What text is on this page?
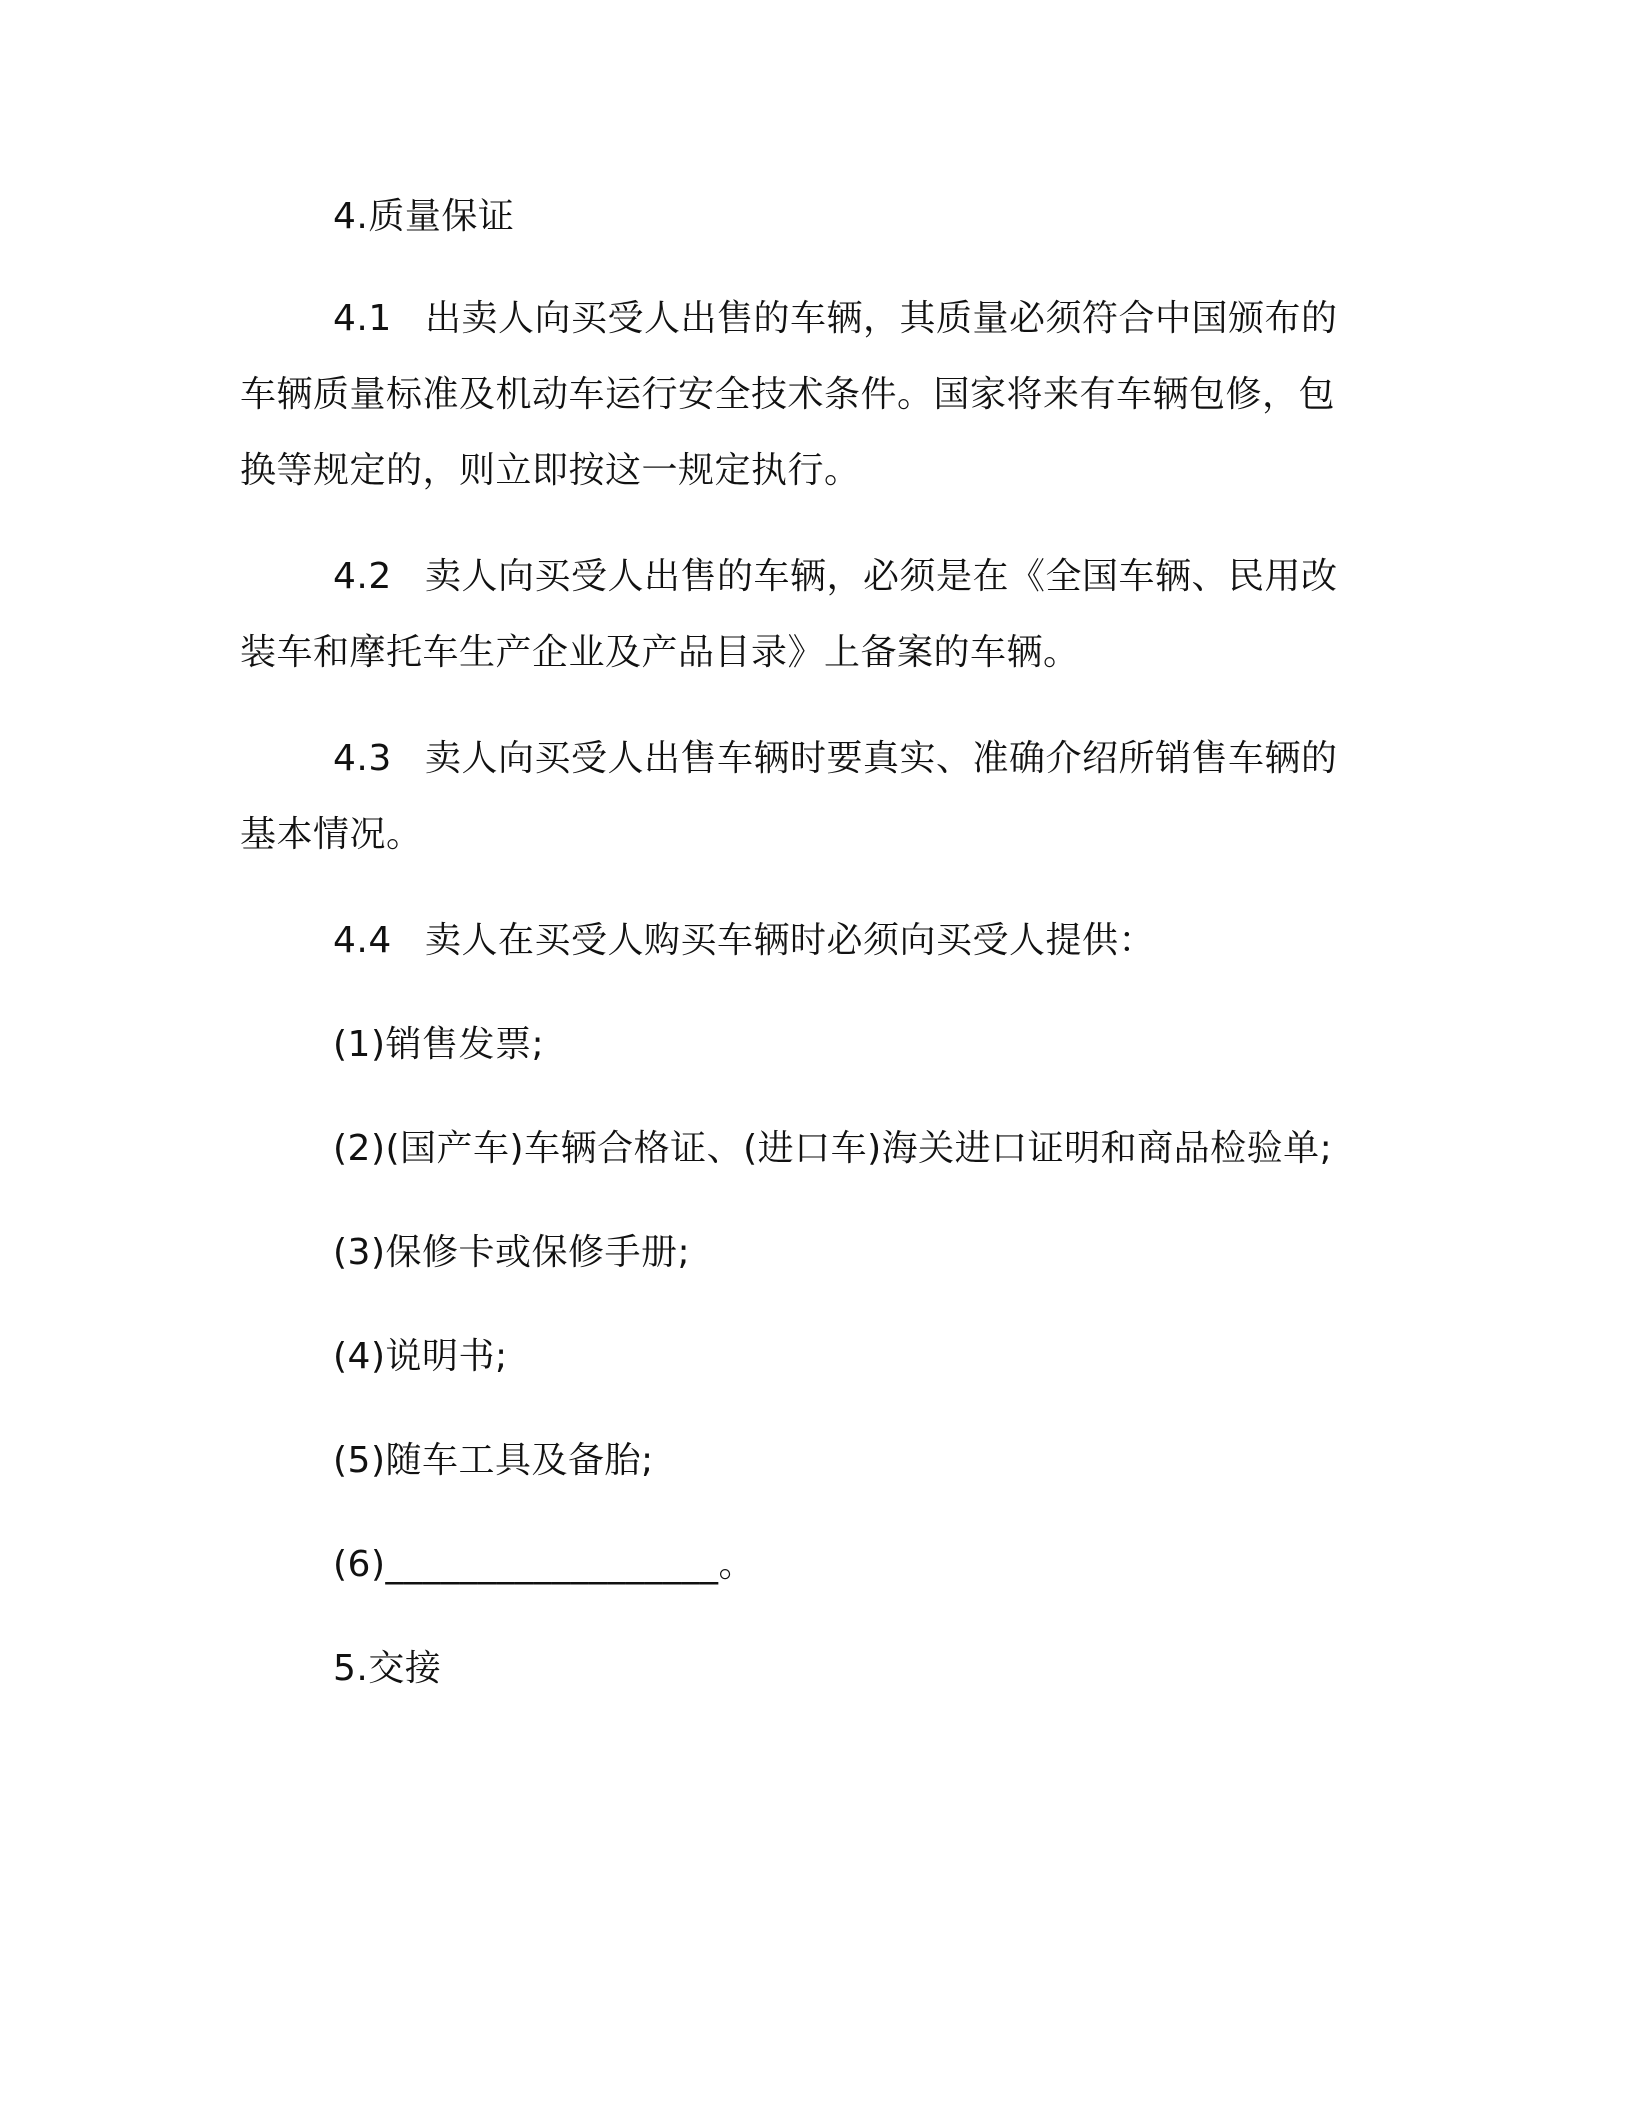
4.质量保证
4.1 出卖人向买受人出售的车辆，其质量必须符合中国颁布的
车辆质量标准及机动车运行安全技术条件。国家将来有车辆包修，包
换等规定的，则立即按这一规定执行。
4.2 卖人向买受人出售的车辆，必须是在《全国车辆、民用改
装车和摩托车生产企业及产品目录》上备案的车辆。
4.3 卖人向买受人出售车辆时要真实、准确介绍所销售车辆的
基本情况。
4.4 卖人在买受人购买车辆时必须向买受人提供：
(1)销售发票;
(2)(国产车)车辆合格证、(进口车)海关进口证明和商品检验单;
(3)保修卡或保修手册;
(4)说明书;
(5)随车工具及备胎;
(6)__________________。
5.交接
